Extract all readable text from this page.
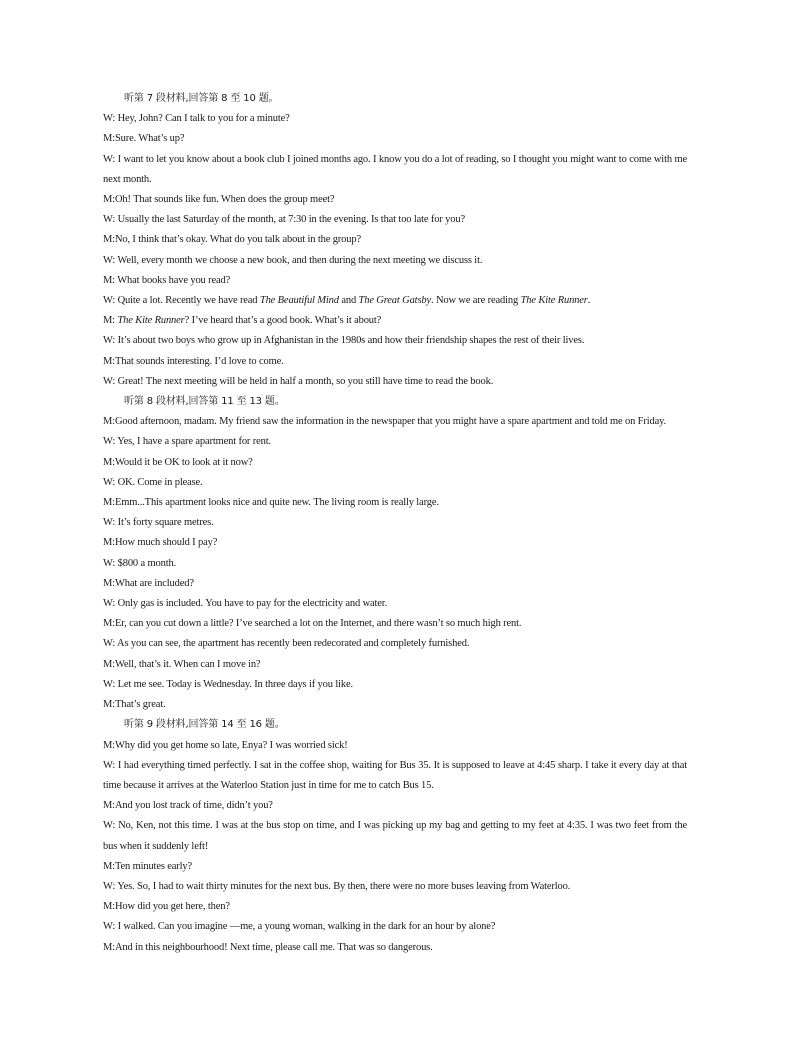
听第 7 段材料,回答第 8 至 10 题。
W: Hey, John? Can I talk to you for a minute?
M:Sure. What’s up?
W: I want to let you know about a book club I joined months ago. I know you do a lot of reading, so I thought you might want to come with me next month.
M:Oh! That sounds like fun. When does the group meet?
W: Usually the last Saturday of the month, at 7:30 in the evening. Is that too late for you?
M:No, I think that’s okay. What do you talk about in the group?
W: Well, every month we choose a new book, and then during the next meeting we discuss it.
M: What books have you read?
W: Quite a lot. Recently we have read The Beautiful Mind and The Great Gatsby. Now we are reading The Kite Runner.
M: The Kite Runner? I’ve heard that’s a good book. What’s it about?
W: It’s about two boys who grow up in Afghanistan in the 1980s and how their friendship shapes the rest of their lives.
M:That sounds interesting. I’d love to come.
W: Great! The next meeting will be held in half a month, so you still have time to read the book.
听第 8 段材料,回答第 11 至 13 题。
M:Good afternoon, madam. My friend saw the information in the newspaper that you might have a spare apartment and told me on Friday.
W: Yes, I have a spare apartment for rent.
M:Would it be OK to look at it now?
W: OK. Come in please.
M:Emm...This apartment looks nice and quite new. The living room is really large.
W: It’s forty square metres.
M:How much should I pay?
W: $800 a month.
M:What are included?
W: Only gas is included. You have to pay for the electricity and water.
M:Er, can you cut down a little? I’ve searched a lot on the Internet, and there wasn’t so much high rent.
W: As you can see, the apartment has recently been redecorated and completely furnished.
M:Well, that’s it. When can I move in?
W: Let me see. Today is Wednesday. In three days if you like.
M:That’s great.
听第 9 段材料,回答第 14 至 16 题。
M:Why did you get home so late, Enya? I was worried sick!
W: I had everything timed perfectly. I sat in the coffee shop, waiting for Bus 35. It is supposed to leave at 4:45 sharp. I take it every day at that time because it arrives at the Waterloo Station just in time for me to catch Bus 15.
M:And you lost track of time, didn’t you?
W: No, Ken, not this time. I was at the bus stop on time, and I was picking up my bag and getting to my feet at 4:35. I was two feet from the bus when it suddenly left!
M:Ten minutes early?
W: Yes. So, I had to wait thirty minutes for the next bus. By then, there were no more buses leaving from Waterloo.
M:How did you get here, then?
W: I walked. Can you imagine —me, a young woman, walking in the dark for an hour by alone?
M:And in this neighbourhood! Next time, please call me. That was so dangerous.
